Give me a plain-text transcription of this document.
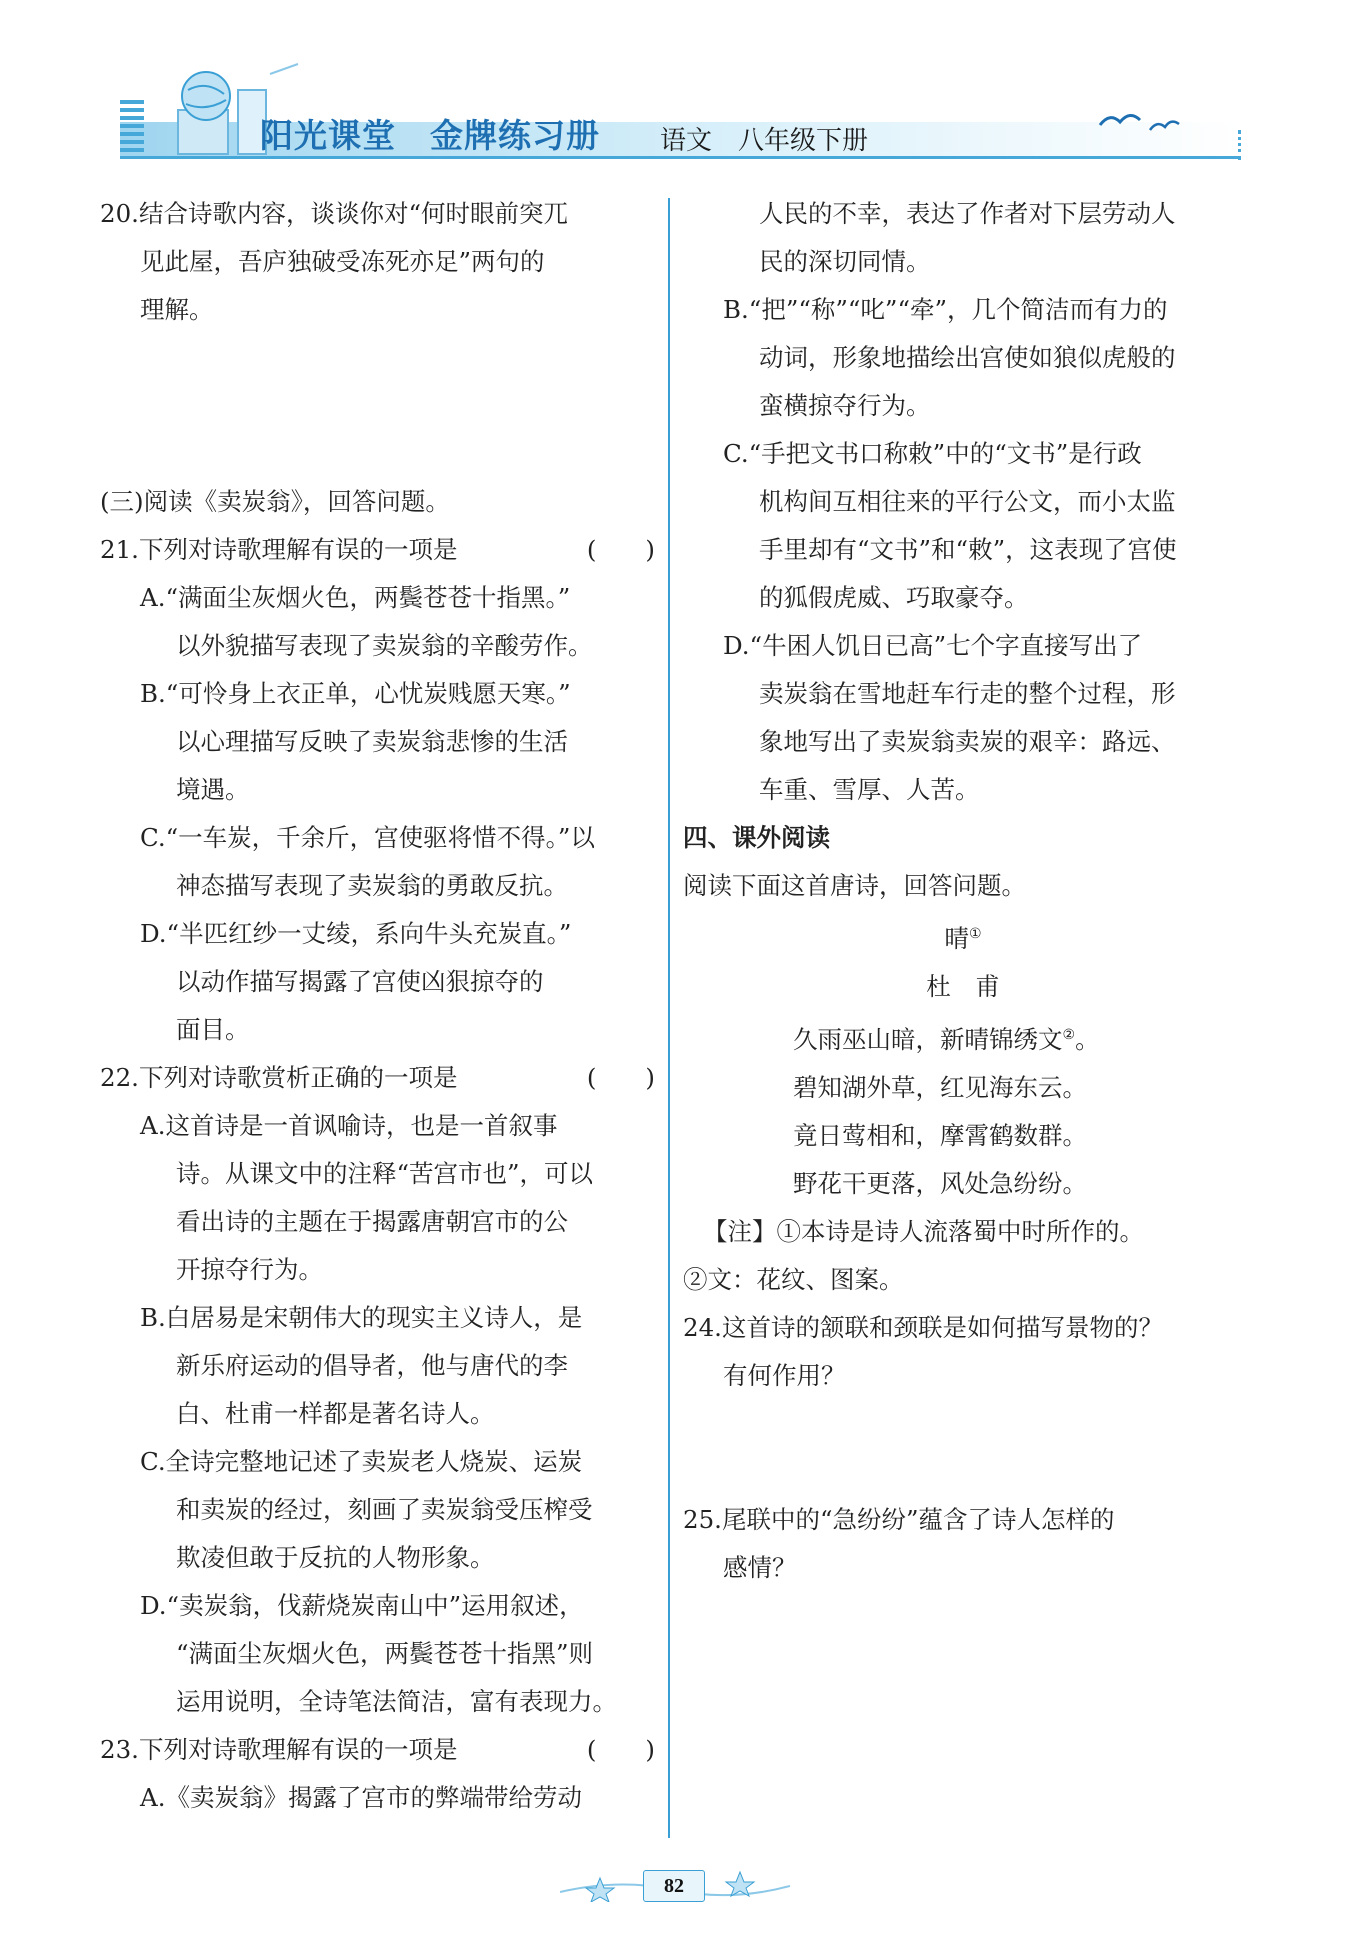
阳光课堂　金牌练习册 语文　八年级下册

20.结合诗歌内容，谈谈你对“何时眼前突兀

见此屋，吾庐独破受冻死亦足”两句的

理解。

(三)阅读《卖炭翁》，回答问题。

21.下列对诗歌理解有误的一项是	(　　)

A.“满面尘灰烟火色，两鬓苍苍十指黑。”

以外貌描写表现了卖炭翁的辛酸劳作。

B.“可怜身上衣正单，心忧炭贱愿天寒。”

以心理描写反映了卖炭翁悲惨的生活

境遇。

C.“一车炭，千余斤，宫使驱将惜不得。”以

神态描写表现了卖炭翁的勇敢反抗。

D.“半匹红纱一丈绫，系向牛头充炭直。”

以动作描写揭露了宫使凶狠掠夺的

面目。

22.下列对诗歌赏析正确的一项是	(　　)

A.这首诗是一首讽喻诗，也是一首叙事

诗。从课文中的注释“苦宫市也”，可以

看出诗的主题在于揭露唐朝宫市的公

开掠夺行为。

B.白居易是宋朝伟大的现实主义诗人，是

新乐府运动的倡导者，他与唐代的李

白、杜甫一样都是著名诗人。

C.全诗完整地记述了卖炭老人烧炭、运炭

和卖炭的经过，刻画了卖炭翁受压榨受

欺凌但敢于反抗的人物形象。

D.“卖炭翁，伐薪烧炭南山中”运用叙述，

“满面尘灰烟火色，两鬓苍苍十指黑”则

运用说明，全诗笔法简洁，富有表现力。

23.下列对诗歌理解有误的一项是	(　　)

A.《卖炭翁》揭露了宫市的弊端带给劳动

人民的不幸，表达了作者对下层劳动人

民的深切同情。

B.“把”“称”“叱”“牵”，几个简洁而有力的

动词，形象地描绘出宫使如狼似虎般的

蛮横掠夺行为。

C.“手把文书口称敕”中的“文书”是行政

机构间互相往来的平行公文，而小太监

手里却有“文书”和“敕”，这表现了宫使

的狐假虎威、巧取豪夺。

D.“牛困人饥日已高”七个字直接写出了

卖炭翁在雪地赶车行走的整个过程，形

象地写出了卖炭翁卖炭的艰辛：路远、

车重、雪厚、人苦。

四、课外阅读

阅读下面这首唐诗，回答问题。

晴①

杜　甫

久雨巫山暗，新晴锦绣文②。

碧知湖外草，红见海东云。

竟日莺相和，摩霄鹤数群。

野花干更落，风处急纷纷。

【注】①本诗是诗人流落蜀中时所作的。

②文：花纹、图案。

24.这首诗的颔联和颈联是如何描写景物的？

有何作用？

25.尾联中的“急纷纷”蕴含了诗人怎样的

感情？

82
